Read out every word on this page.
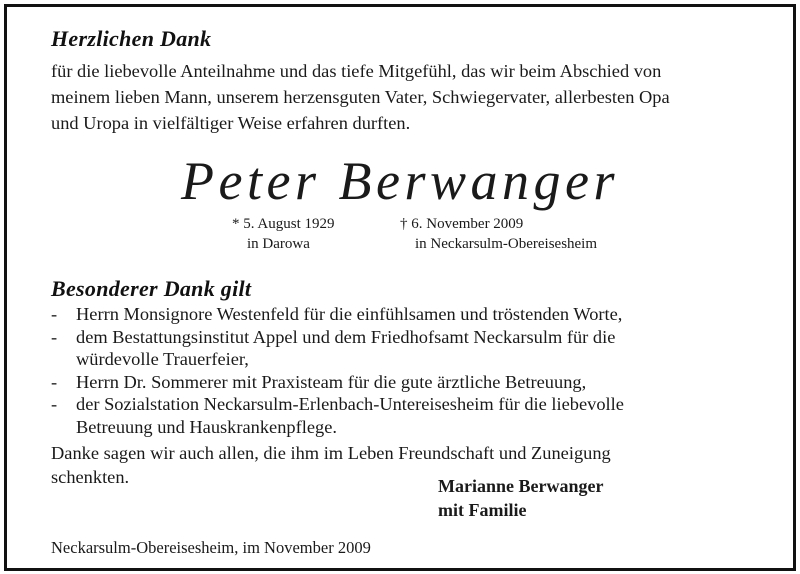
Herzlichen Dank
für die liebevolle Anteilnahme und das tiefe Mitgefühl, das wir beim Abschied von
meinem lieben Mann, unserem herzensguten Vater, Schwiegervater, allerbesten Opa
und Uropa in vielfältiger Weise erfahren durften.
Peter Berwanger
* 5. August 1929
in Darowa
† 6. November 2009
in Neckarsulm-Obereisesheim
Besonderer Dank gilt
- Herrn Monsignore Westenfeld für die einfühlsamen und tröstenden Worte,
- dem Bestattungsinstitut Appel und dem Friedhofsamt Neckarsulm für die
würdevolle Trauerfeier,
- Herrn Dr. Sommerer mit Praxisteam für die gute ärztliche Betreuung,
- der Sozialstation Neckarsulm-Erlenbach-Untereisesheim für die liebevolle
Betreuung und Hauskrankenpflege.
Danke sagen wir auch allen, die ihm im Leben Freundschaft und Zuneigung
schenkten.	Marianne Berwanger
mit Familie
Neckarsulm-Obereisesheim, im November 2009
